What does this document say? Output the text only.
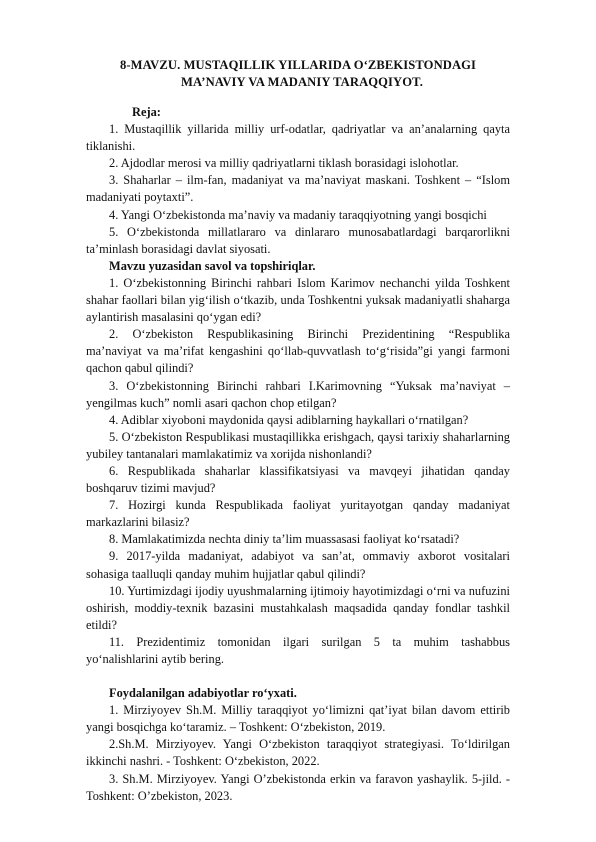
8-MAVZU. MUSTAQILLIK YILLARIDA O‘ZBEKISTONDAGI
MA’NAVIY VA MADANIY TARAQQIYOT.

Reja:

1. Mustaqillik yillarida milliy urf-odatlar, qadriyatlar va an’analarning qayta tiklanishi.

2. Ajdodlar merosi va milliy qadriyatlarni tiklash borasidagi islohotlar.

3. Shaharlar – ilm-fan, madaniyat va ma’naviyat maskani. Toshkent – “Islom madaniyati poytaxti”.

4. Yangi O‘zbekistonda ma’naviy va madaniy taraqqiyotning yangi bosqichi

5. O‘zbekistonda millatlararo va dinlararo munosabatlardagi barqarorlikni ta’minlash borasidagi davlat siyosati.

Mavzu yuzasidan savol va topshiriqlar.

1. O‘zbekistonning Birinchi rahbari Islom Karimov nechanchi yilda Toshkent shahar faollari bilan yig‘ilish o‘tkazib, unda Toshkentni yuksak madaniyatli shaharga aylantirish masalasini qo‘ygan edi?

2. O‘zbekiston Respublikasining Birinchi Prezidentining “Respublika ma’naviyat va ma’rifat kengashini qo‘llab-quvvatlash to‘g‘risida”gi yangi farmoni qachon qabul qilindi?

3. O‘zbekistonning Birinchi rahbari I.Karimovning “Yuksak ma’naviyat – yengilmas kuch” nomli asari qachon chop etilgan?

4. Adiblar xiyoboni maydonida qaysi adiblarning haykallari o‘rnatilgan?

5. O‘zbekiston Respublikasi mustaqillikka erishgach, qaysi tarixiy shaharlarning yubiley tantanalari mamlakatimiz va xorijda nishonlandi?

6. Respublikada shaharlar klassifikatsiyasi va mavqeyi jihatidan qanday boshqaruv tizimi mavjud?

7. Hozirgi kunda Respublikada faoliyat yuritayotgan qanday madaniyat markazlarini bilasiz?

8. Mamlakatimizda nechta diniy ta’lim muassasasi faoliyat ko‘rsatadi?

9. 2017-yilda madaniyat, adabiyot va san’at, ommaviy axborot vositalari sohasiga taalluqli qanday muhim hujjatlar qabul qilindi?

10. Yurtimizdagi ijodiy uyushmalarning ijtimoiy hayotimizdagi o‘rni va nufuzini oshirish, moddiy-texnik bazasini mustahkalash maqsadida qanday fondlar tashkil etildi?

11. Prezidentimiz tomonidan ilgari surilgan 5 ta muhim tashabbus yo‘nalishlarini aytib bering.

Foydalanilgan adabiyotlar ro‘yxati.

1. Mirziyoyev Sh.M. Milliy taraqqiyot yo‘limizni qat’iyat bilan davom ettirib yangi bosqichga ko‘taramiz. – Toshkent: O‘zbekiston, 2019.

2.Sh.M. Mirziyoyev. Yangi O‘zbekiston taraqqiyot strategiyasi. To‘ldirilgan ikkinchi nashri. - Toshkent: O‘zbekiston, 2022.

3. Sh.M. Mirziyoyev. Yangi O’zbekistonda erkin va faravon yashaylik. 5-jild. - Toshkent: O’zbekiston, 2023.
